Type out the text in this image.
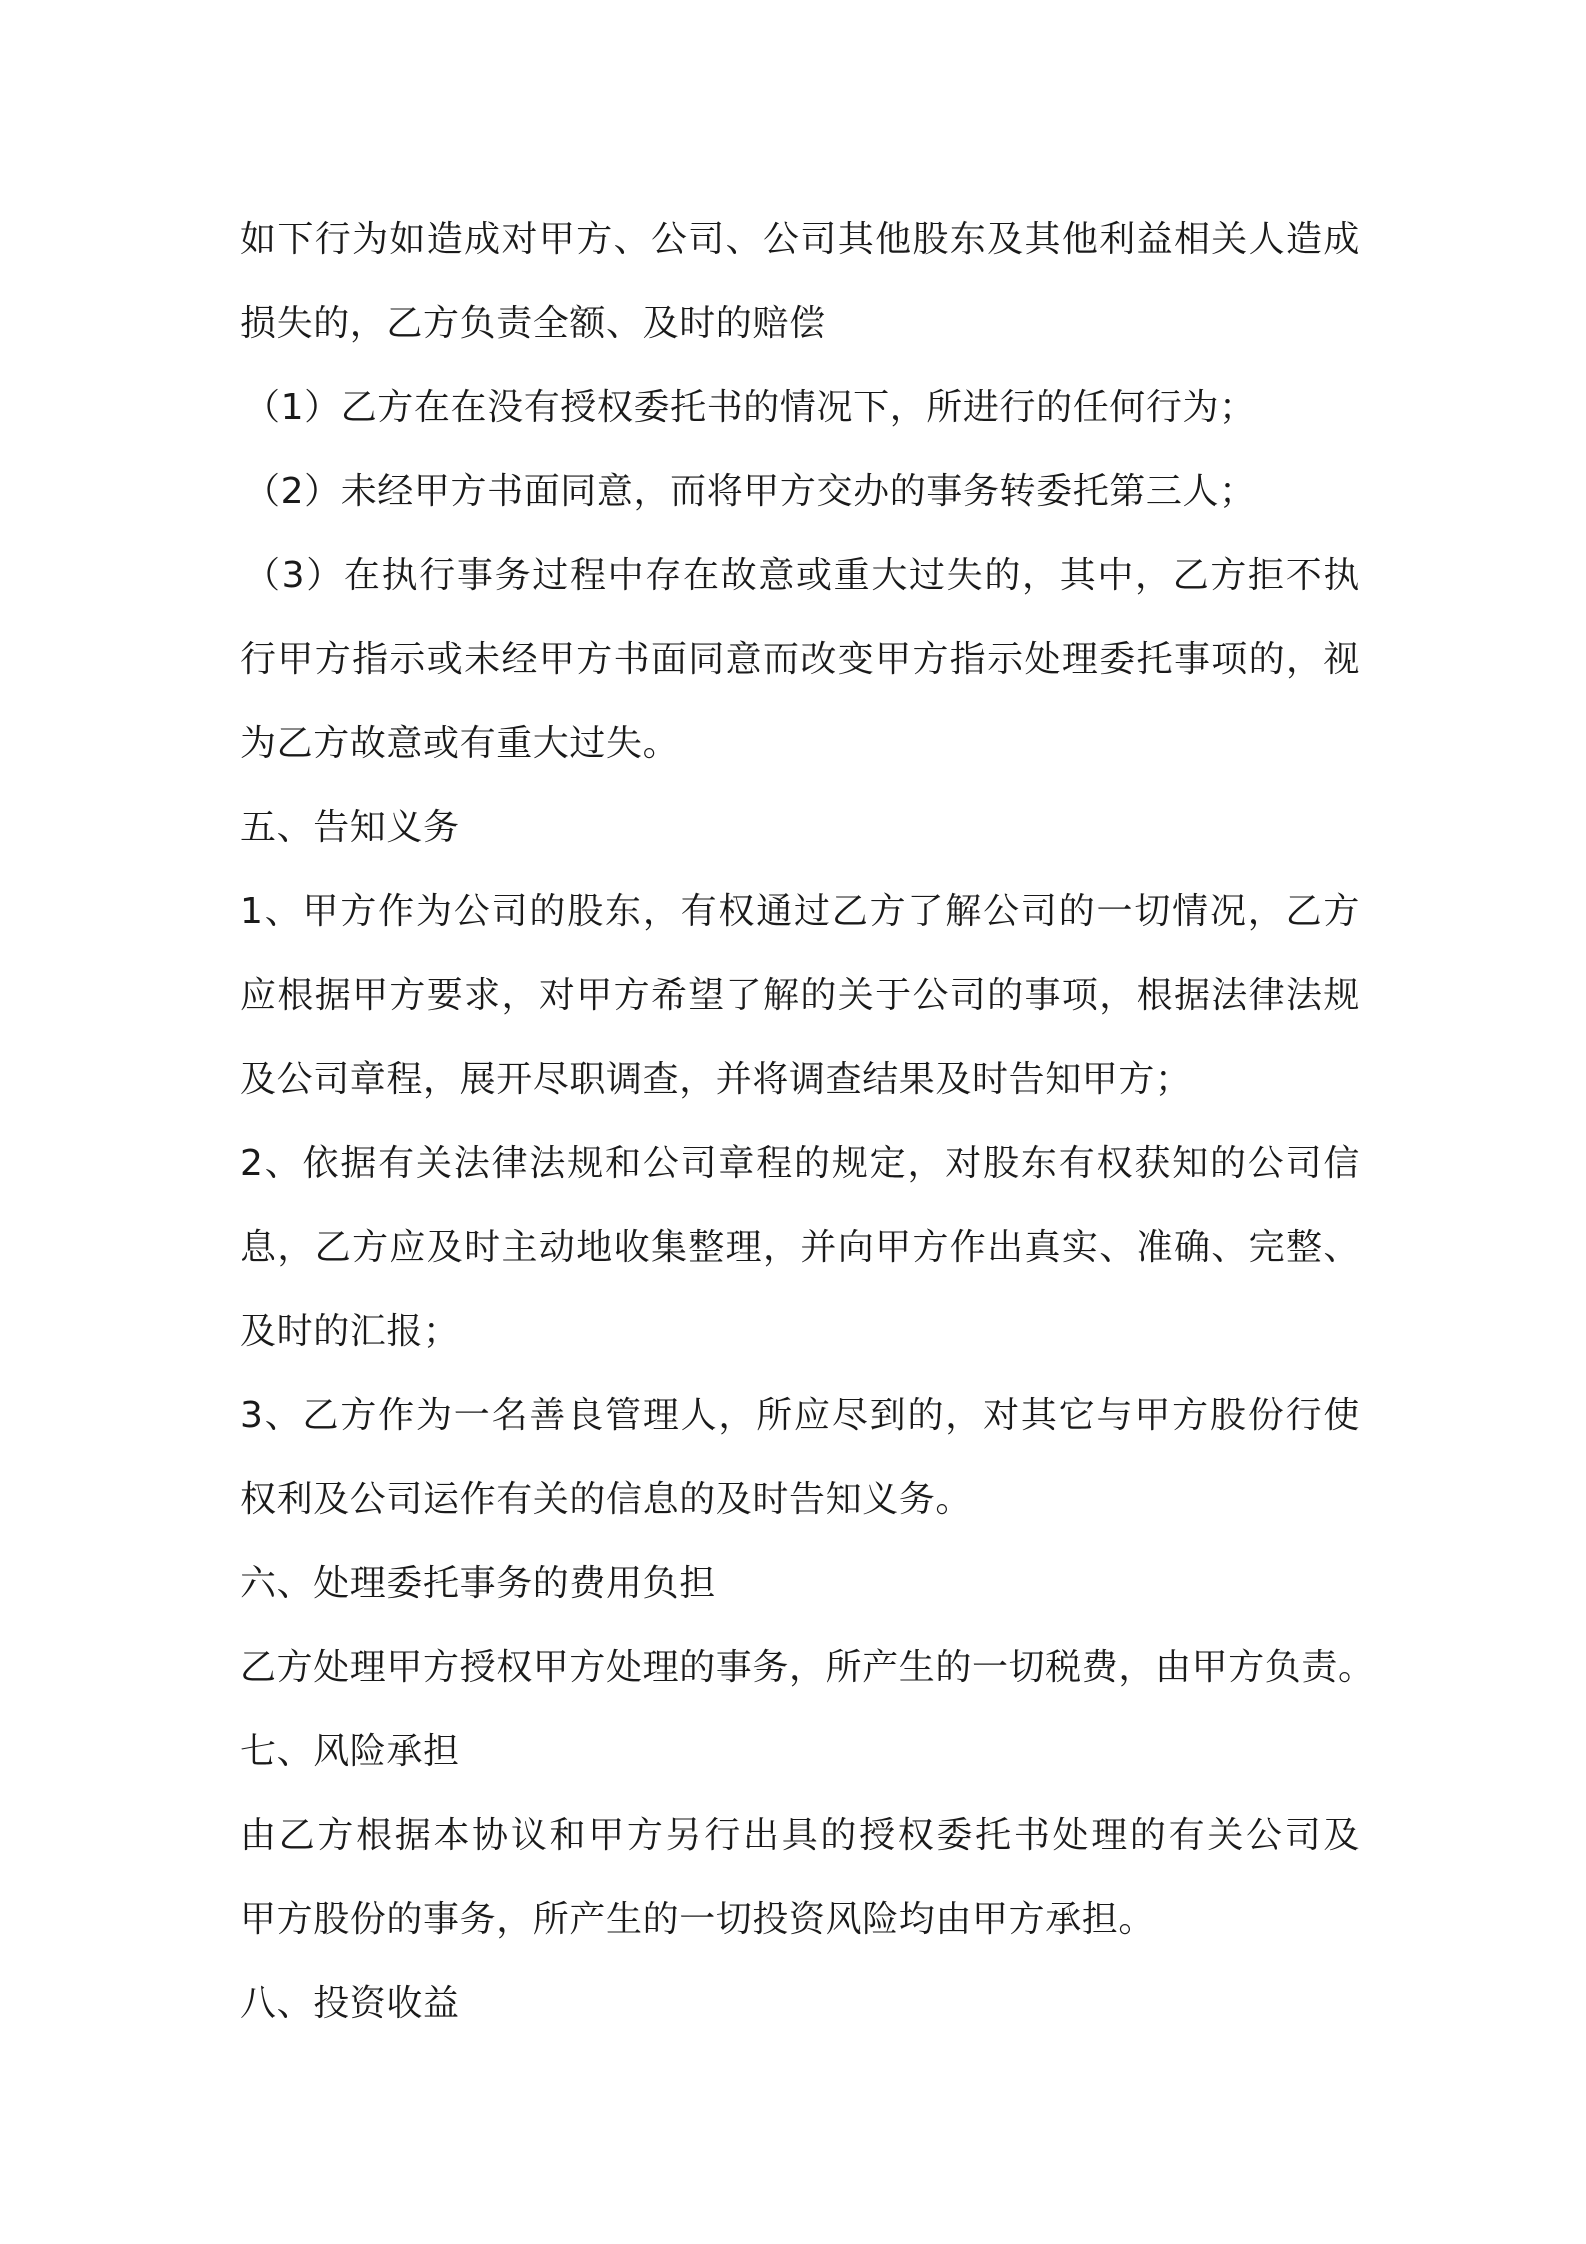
如下行为如造成对甲方、公司、公司其他股东及其他利益相关人造成
损失的，乙方负责全额、及时的赔偿
（1）乙方在在没有授权委托书的情况下，所进行的任何行为；
（2）未经甲方书面同意，而将甲方交办的事务转委托第三人；
（3）在执行事务过程中存在故意或重大过失的，其中，乙方拒不执
行甲方指示或未经甲方书面同意而改变甲方指示处理委托事项的，视
为乙方故意或有重大过失。
五、告知义务
1、甲方作为公司的股东，有权通过乙方了解公司的一切情况，乙方
应根据甲方要求，对甲方希望了解的关于公司的事项，根据法律法规
及公司章程，展开尽职调查，并将调查结果及时告知甲方；
2、依据有关法律法规和公司章程的规定，对股东有权获知的公司信
息，乙方应及时主动地收集整理，并向甲方作出真实、准确、完整、
及时的汇报；
3、乙方作为一名善良管理人，所应尽到的，对其它与甲方股份行使
权利及公司运作有关的信息的及时告知义务。
六、处理委托事务的费用负担
乙方处理甲方授权甲方处理的事务，所产生的一切税费，由甲方负责。
七、风险承担
由乙方根据本协议和甲方另行出具的授权委托书处理的有关公司及
甲方股份的事务，所产生的一切投资风险均由甲方承担。
八、投资收益
